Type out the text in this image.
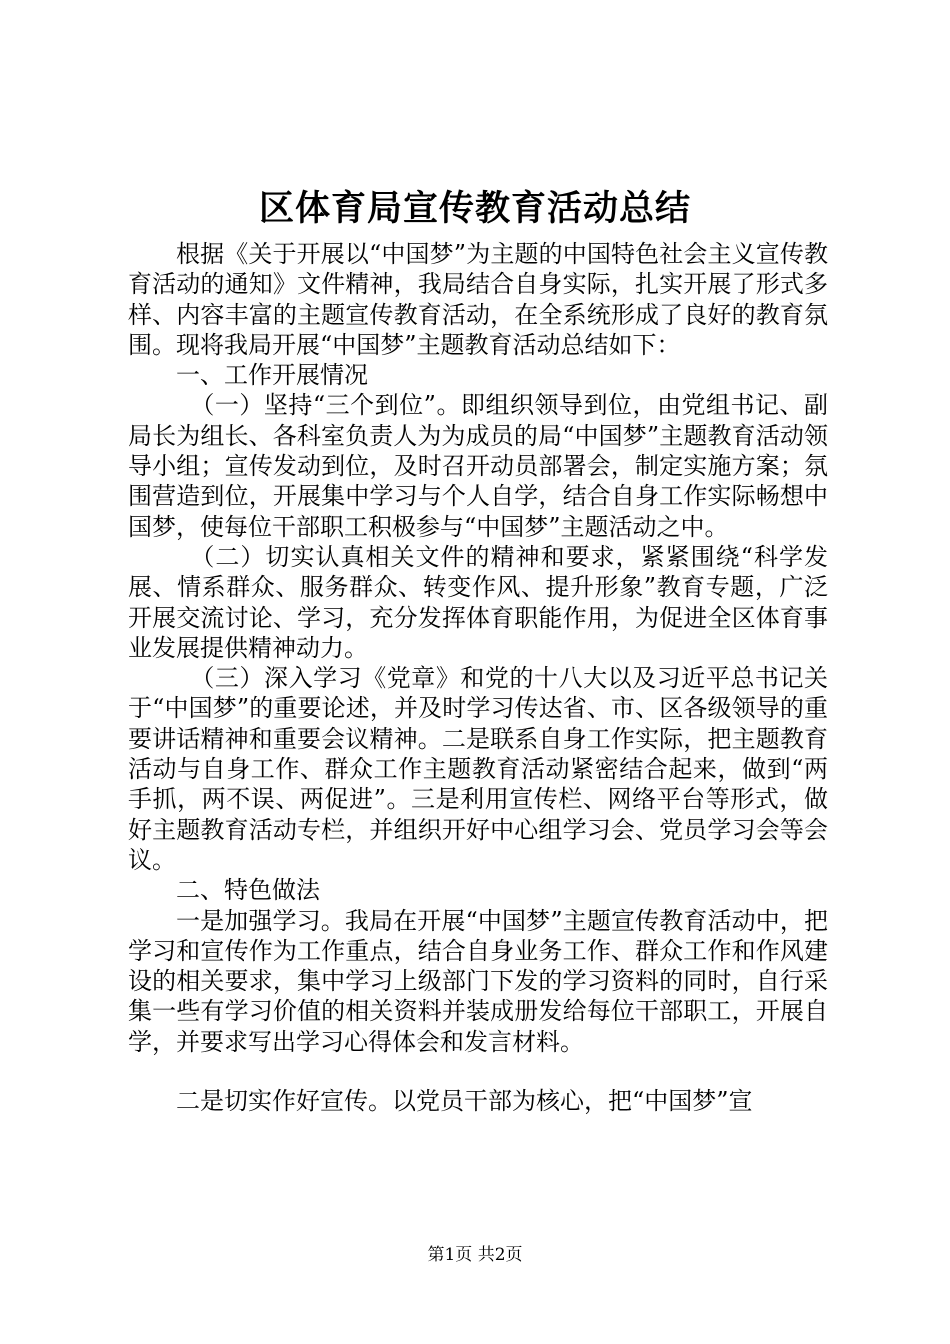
区体育局宣传教育活动总结

根据《关于开展以“中国梦”为主题的中国特色社会主义宣传教育活动的通知》文件精神，我局结合自身实际，扎实开展了形式多样、内容丰富的主题宣传教育活动，在全系统形成了良好的教育氛围。现将我局开展“中国梦”主题教育活动总结如下：

一、工作开展情况

（一）坚持“三个到位”。即组织领导到位，由党组书记、副局长为组长、各科室负责人为为成员的局“中国梦”主题教育活动领导小组；宣传发动到位，及时召开动员部署会，制定实施方案；氛围营造到位，开展集中学习与个人自学，结合自身工作实际畅想中国梦，使每位干部职工积极参与“中国梦”主题活动之中。

（二）切实认真相关文件的精神和要求，紧紧围绕“科学发展、情系群众、服务群众、转变作风、提升形象”教育专题，广泛开展交流讨论、学习，充分发挥体育职能作用，为促进全区体育事业发展提供精神动力。

（三）深入学习《党章》和党的十八大以及习近平总书记关于“中国梦”的重要论述，并及时学习传达省、市、区各级领导的重要讲话精神和重要会议精神。二是联系自身工作实际，把主题教育活动与自身工作、群众工作主题教育活动紧密结合起来，做到“两手抓，两不误、两促进”。三是利用宣传栏、网络平台等形式，做好主题教育活动专栏，并组织开好中心组学习会、党员学习会等会议。

二、特色做法

一是加强学习。我局在开展“中国梦”主题宣传教育活动中，把学习和宣传作为工作重点，结合自身业务工作、群众工作和作风建设的相关要求，集中学习上级部门下发的学习资料的同时，自行采集一些有学习价值的相关资料并装成册发给每位干部职工，开展自学，并要求写出学习心得体会和发言材料。

二是切实作好宣传。以党员干部为核心，把“中国梦”宣

第1页 共2页
